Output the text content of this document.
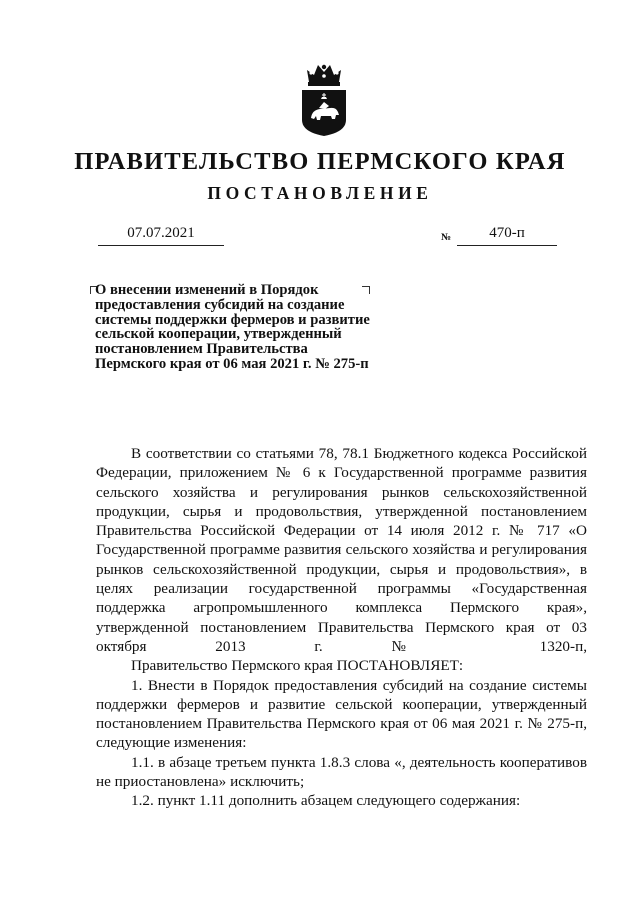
ПРАВИТЕЛЬСТВО ПЕРМСКОГО КРАЯ
ПОСТАНОВЛЕНИЕ
07.07.2021	№	470-п
О внесении изменений в Порядок предоставления субсидий на создание системы поддержки фермеров и развитие сельской кооперации, утвержденный постановлением Правительства Пермского края от 06 мая 2021 г. № 275-п

В соответствии со статьями 78, 78.1 Бюджетного кодекса Российской Федерации, приложением № 6 к Государственной программе развития сельского хозяйства и регулирования рынков сельскохозяйственной продукции, сырья и продовольствия, утвержденной постановлением Правительства Российской Федерации от 14 июля 2012 г. № 717 «О Государственной программе развития сельского хозяйства и регулирования рынков сельскохозяйственной продукции, сырья и продовольствия», в целях реализации государственной программы «Государственная поддержка агропромышленного комплекса Пермского края», утвержденной постановлением Правительства Пермского края от 03 октября 2013 г. № 1320-п,

Правительство Пермского края ПОСТАНОВЛЯЕТ:

1. Внести в Порядок предоставления субсидий на создание системы поддержки фермеров и развитие сельской кооперации, утвержденный постановлением Правительства Пермского края от 06 мая 2021 г. № 275-п, следующие изменения:

1.1. в абзаце третьем пункта 1.8.3 слова «, деятельность кооперативов не приостановлена» исключить;

1.2. пункт 1.11 дополнить абзацем следующего содержания:
